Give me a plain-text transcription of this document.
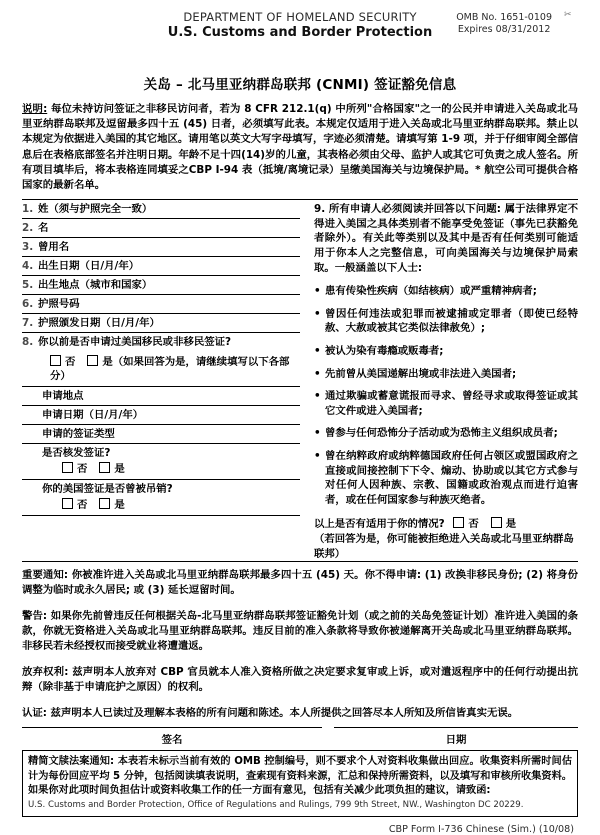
DEPARTMENT OF HOMELAND SECURITY
U.S. Customs and Border Protection
OMB No. 1651-0109
Expires 08/31/2012
✂
关岛 – 北马里亚纳群岛联邦 (CNMI) 签证豁免信息
说明: 每位未持访问签证之非移民访问者，若为 8 CFR 212.1(q) 中所列"合格国家"之一的公民并申请进入关岛或北马里亚纳群岛联邦及逗留最多四十五 (45) 日者，必须填写此表。本规定仅适用于进入关岛或北马里亚纳群岛联邦。禁止以本规定为依据进入美国的其它地区。请用笔以英文大写字母填写，字迹必须清楚。请填写第 1-9 项，并于仔细审阅全部信息后在表格底部签名并注明日期。年龄不足十四(14)岁的儿童，其表格必须由父母、监护人或其它可负责之成人签名。所有项目填毕后，将本表格连同填妥之CBP I-94 表（抵境/离境记录）呈缴美国海关与边境保护局。* 航空公司可提供合格国家的最新名单。
1. 姓（须与护照完全一致）
2. 名
3. 曾用名
4. 出生日期（日/月/年）
5. 出生地点（城市和国家）
6. 护照号码
7. 护照颁发日期（日/月/年）
8. 你以前是否申请过美国移民或非移民签证?
否	是（如果回答为是，请继续填写以下各部分）
申请地点
申请日期（日/月/年）
申请的签证类型
是否核发签证?
否	是
你的美国签证是否曾被吊销?
否	是
9. 所有申请人必须阅读并回答以下问题: 属于法律界定不得进入美国之具体类别者不能享受免签证（事先已获豁免者除外）。有关此等类别以及其中是否有任何类别可能适用于你本人之完整信息，可向美国海关与边境保护局索取。一般涵盖以下人士:
• 患有传染性疾病（如结核病）或严重精神病者;
• 曾因任何违法或犯罪而被逮捕或定罪者（即使已经特赦、大赦或被其它类似法律赦免）;
• 被认为染有毒瘾或贩毒者;
• 先前曾从美国递解出境或非法进入美国者;
• 通过欺骗或蓄意谎报而寻求、曾经寻求或取得签证或其它文件或进入美国者;
• 曾参与任何恐怖分子活动或为恐怖主义组织成员者;
• 曾在纳粹政府或纳粹德国政府任何占领区或盟国政府之直接或间接控制下下令、煽动、协助或以其它方式参与对任何人因种族、宗教、国籍或政治观点而进行迫害者，或在任何国家参与种族灭绝者。
以上是否有适用于你的情况? 否	是
（若回答为是，你可能被拒绝进入关岛或北马里亚纳群岛联邦）
重要通知: 你被准许进入关岛或北马里亚纳群岛联邦最多四十五 (45) 天。你不得申请: (1) 改换非移民身份; (2) 将身份调整为临时或永久居民; 或 (3) 延长逗留时间。
警告: 如果你先前曾违反任何根据关岛-北马里亚纳群岛联邦签证豁免计划（或之前的关岛免签证计划）准许进入美国的条款，你就无资格进入关岛或北马里亚纳群岛联邦。违反目前的准入条款将导致你被递解离开关岛或北马里亚纳群岛联邦。非移民若未经授权而接受就业将遭遣返。
放弃权利: 兹声明本人放弃对 CBP 官员就本人准入资格所做之决定要求复审或上诉，或对遣返程序中的任何行动提出抗辩（除非基于申请庇护之原因）的权利。
认证: 兹声明本人已读过及理解本表格的所有问题和陈述。本人所提供之回答尽本人所知及所信皆真实无误。
签名	日期
精简文牍法案通知: 本表若未标示当前有效的 OMB 控制编号，则不要求个人对资料收集做出回应。收集资料所需时间估计为每份回应平均 5 分钟，包括阅读填表说明，查索现有资料来源，汇总和保持所需资料，以及填写和审核所收集资料。如果你对此项时间负担估计或资料收集工作的任一方面有意见，包括有关减少此项负担的建议，请致函:
U.S. Customs and Border Protection, Office of Regulations and Rulings, 799 9th Street, NW., Washington DC 20229.
CBP Form I-736 Chinese (Sim.) (10/08)
